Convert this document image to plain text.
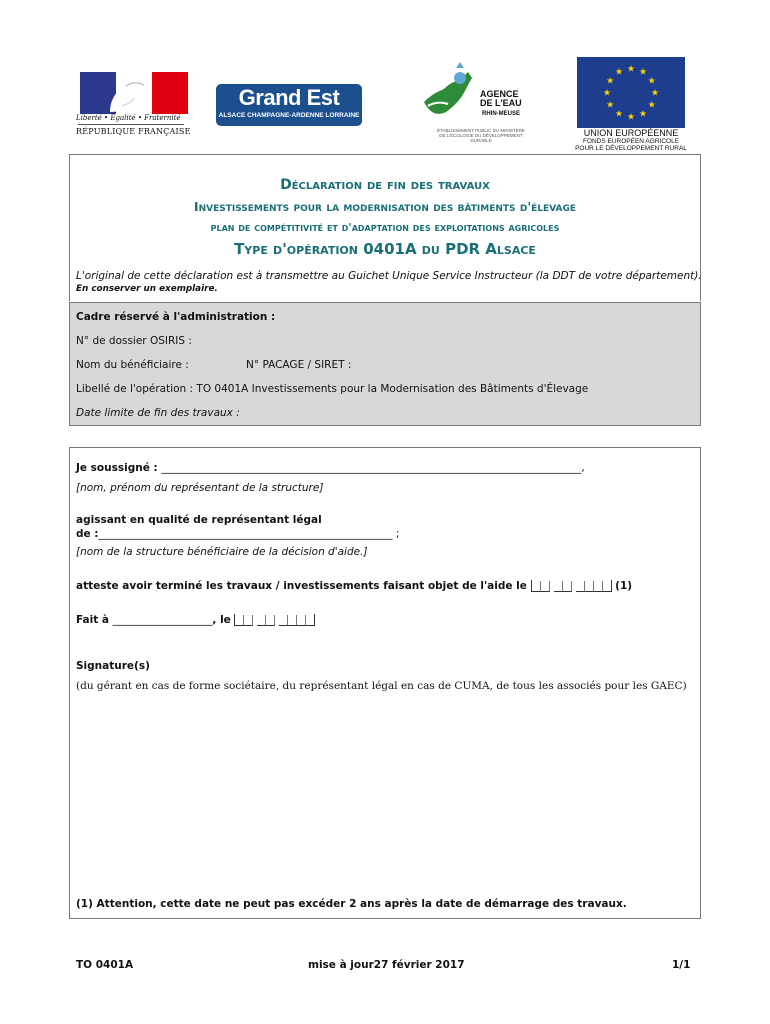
Liberté • Égalité • Fraternité
RÉPUBLIQUE FRANÇAISE
Grand Est
ALSACE CHAMPAGNE-ARDENNE LORRAINE
AGENCE
DE L'EAU
RHIN-MEUSE
ÉTABLISSEMENT PUBLIC DU MINISTÈRE
DE L'ÉCOLOGIE DU DÉVELOPPEMENT DURABLE
★ ★
★
★
★
★
★
★
★
★
★
★
UNION EUROPÉENNE
FONDS EUROPÉEN AGRICOLE
POUR LE DÉVELOPPEMENT RURAL
Déclaration de fin des travaux
Investissements pour la modernisation des bâtiments d'élevage
plan de compétitivité et d'adaptation des exploitations agricoles
Type d'opération 0401A du PDR Alsace
L'original de cette déclaration est à transmettre au Guichet Unique Service Instructeur (la DDT de votre département).
En conserver un exemplaire.
Cadre réservé à l'administration :
N° de dossier OSIRIS :
Nom du bénéficiaire :	N° PACAGE / SIRET :
Libellé de l'opération : TO 0401A Investissements pour la Modernisation des Bâtiments d'Élevage
Date limite de fin des travaux :
Je soussigné : ________________________________________________________________________________,
[nom, prénom du représentant de la structure]
agissant en qualité de représentant légal
de :________________________________________________________ ;
[nom de la structure bénéficiaire de la décision d'aide.]
atteste avoir terminé les travaux / investissements faisant objet de l'aide le	(1)
Fait à ___________________, le
Signature(s)
(du gérant en cas de forme sociétaire, du représentant légal en cas de CUMA, de tous les associés pour les GAEC)
(1) Attention, cette date ne peut pas excéder 2 ans après la date de démarrage des travaux.
TO 0401A	mise à jour27 février 2017	1/1
